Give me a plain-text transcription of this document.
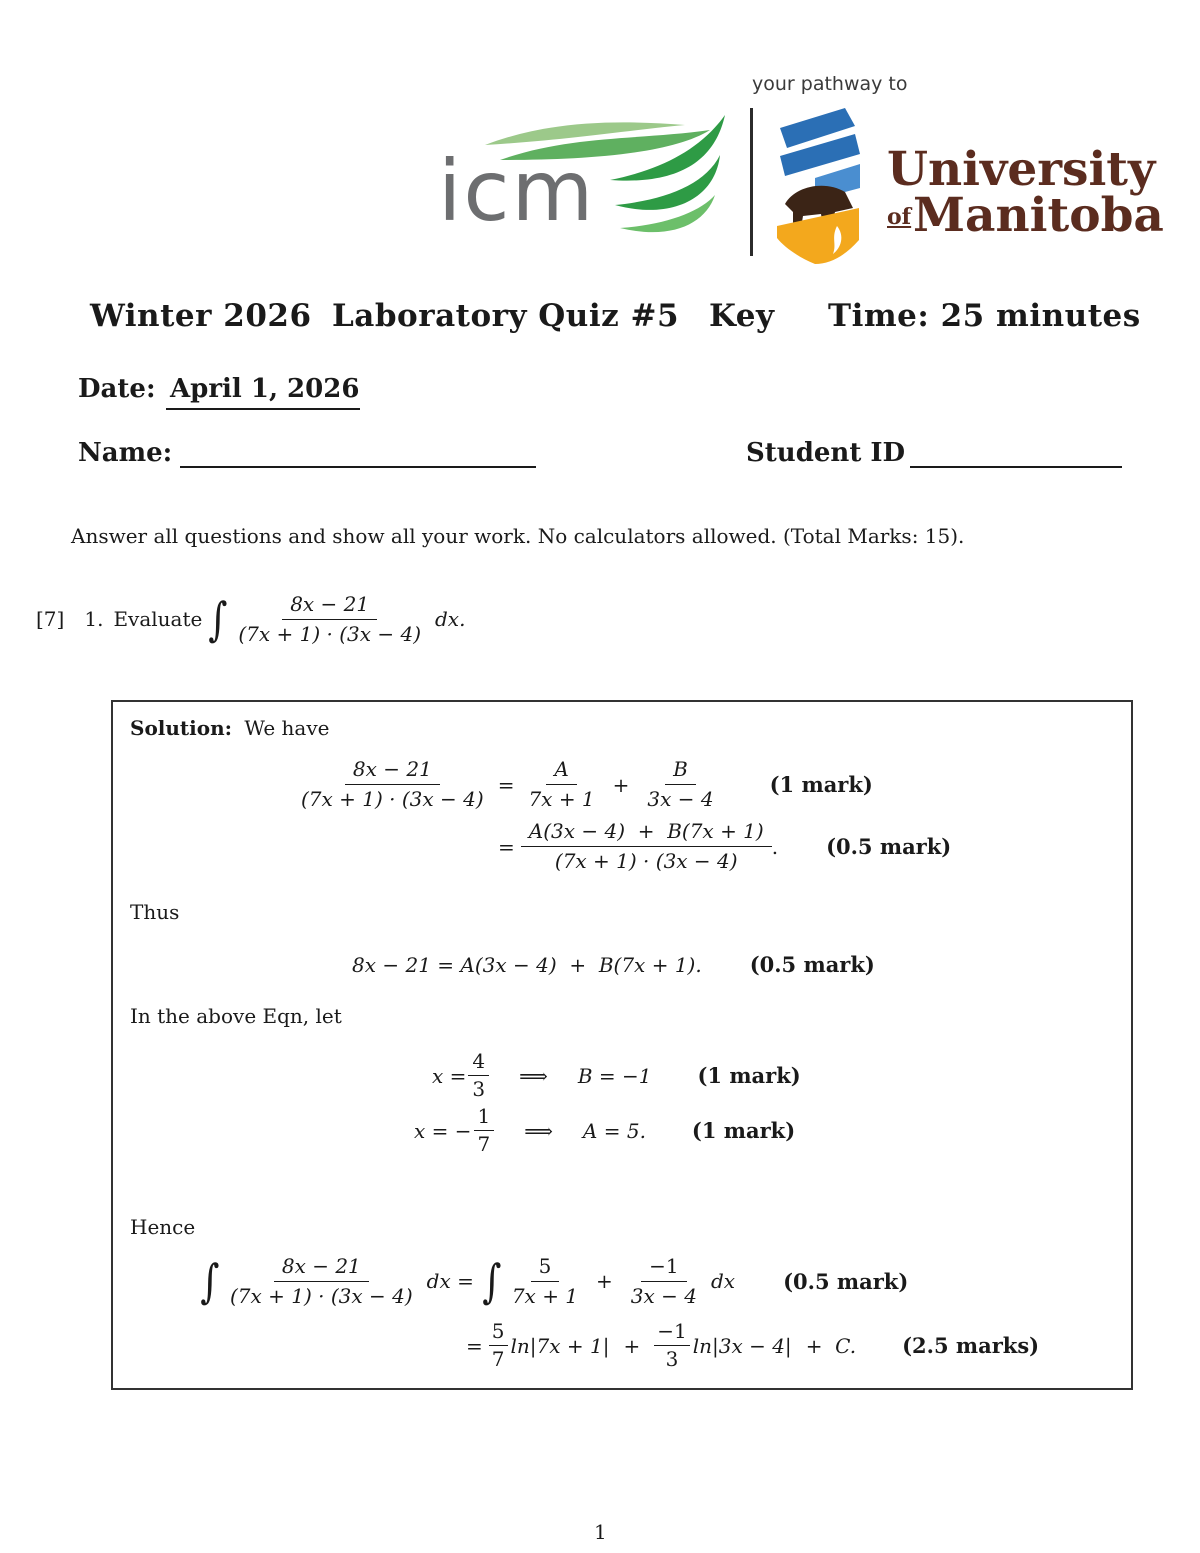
icm
your pathway to
University
of Manitoba
Winter 2026 Laboratory Quiz #5 Key Time: 25 minutes
Date: April 1, 2026
Name:	Student ID
Answer all questions and show all your work. No calculators allowed. (Total Marks: 15).
[7] 1. Evaluate ∫ $\frac{8x - 21}{(7x + 1) \cdot (3x - 4)}$ dx.
Solution: We have
$\frac{8x - 21}{(7x + 1) \cdot (3x - 4)} = \frac{A}{7x + 1} + \frac{B}{3x - 4} (1$ mark)
= $\frac{A(3x - 4) + B(7x + 1)}{(7x + 1) \cdot (3x - 4)}$ . (0.5 mark)
Thus
8x − 21 = A(3x − 4)  +  B(7x + 1). (0.5 mark)
In the above Eqn, let
$x = \frac{4}{3}$ ⟹ B = −1 (1 mark)
x = − $\frac{1}{7}$ ⟹ A = 5. (1 mark)
Hence
∫ $\frac{8x - 21}{(7x + 1) \cdot (3x - 4)}$ dx = ∫ $\frac{5}{7x + 1} + \frac{-1}{3x - 4}$ dx (0.5 mark)
= $\frac{5}{7} \ln|7x + 1| + \frac{-1}{3} \ln|3x - 4| + C$. (2.5 marks)
1
